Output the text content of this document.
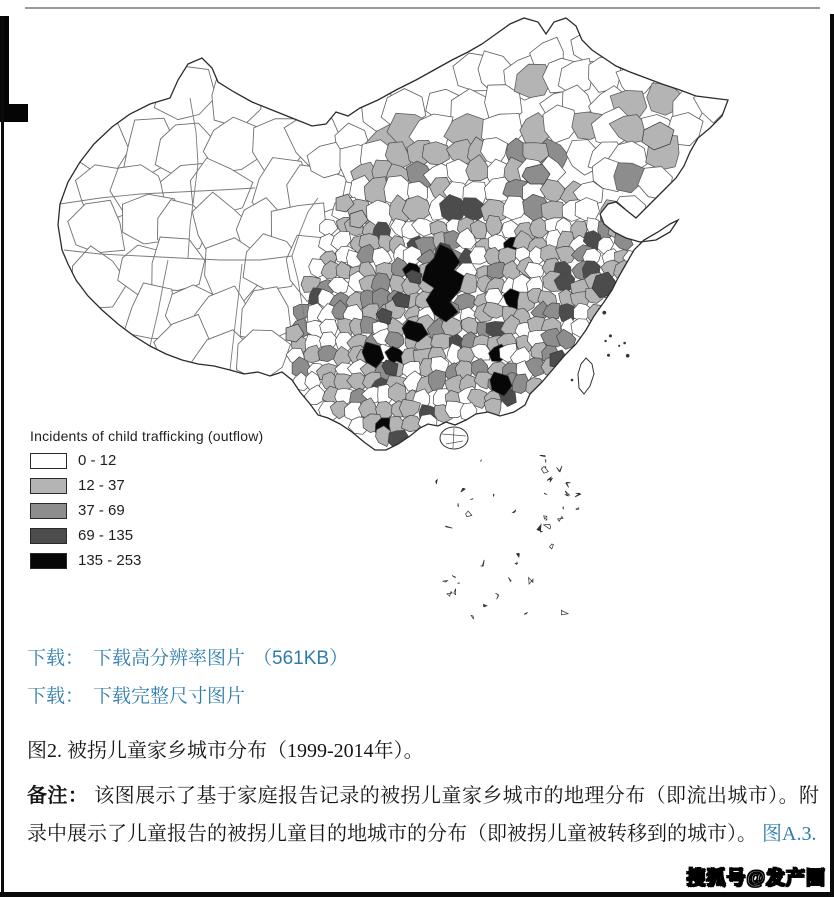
Incidents of child trafficking (outflow)
0 - 12
12 - 37
37 - 69
69 - 135
135 - 253
下载： 下载高分辨率图片 （561KB）
下载： 下载完整尺寸图片
图2. 被拐儿童家乡城市分布（1999-2014年）。
备注： 该图展示了基于家庭报告记录的被拐儿童家乡城市的地理分布（即流出城市）。附录中展示了儿童报告的被拐儿童目的地城市的分布（即被拐儿童被转移到的城市）。 图A.3.
搜狐号@发产圈
